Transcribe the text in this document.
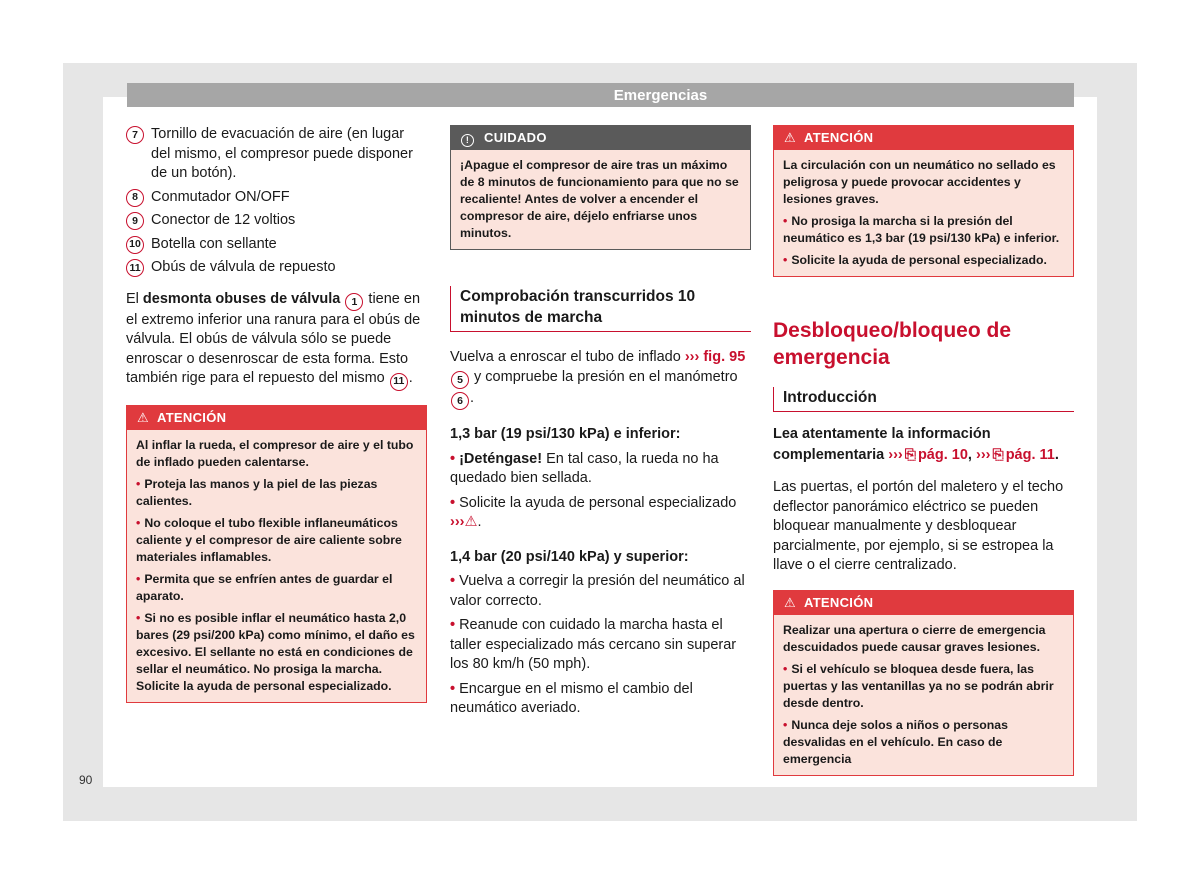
Emergencias
7 Tornillo de evacuación de aire (en lugar del mismo, el compresor puede disponer de un botón).
8 Conmutador ON/OFF
9 Conector de 12 voltios
10 Botella con sellante
11 Obús de válvula de repuesto

El desmonta obuses de válvula 1 tiene en el extremo inferior una ranura para el obús de válvula. El obús de válvula sólo se puede enroscar o desenroscar de esta forma. Esto también rige para el repuesto del mismo 11 .

⚠ ATENCIÓN

Al inflar la rueda, el compresor de aire y el tubo de inflado pueden calentarse.

• Proteja las manos y la piel de las piezas calientes.

• No coloque el tubo flexible inflaneumáticos caliente y el compresor de aire caliente sobre materiales inflamables.

• Permita que se enfríen antes de guardar el aparato.

• Si no es posible inflar el neumático hasta 2,0 bares (29 psi/200 kPa) como mínimo, el daño es excesivo. El sellante no está en condiciones de sellar el neumático. No prosiga la marcha. Solicite la ayuda de personal especializado.

! CUIDADO
¡Apague el compresor de aire tras un máximo de 8 minutos de funcionamiento para que no se recaliente! Antes de volver a encender el compresor de aire, déjelo enfriarse unos minutos.
Comprobación transcurridos 10 minutos de marcha

Vuelva a enroscar el tubo de inflado ››› fig. 95 5 y compruebe la presión en el manómetro 6 .

1,3 bar (19 psi/130 kPa) e inferior:

• ¡Deténgase! En tal caso, la rueda no ha quedado bien sellada.

• Solicite la ayuda de personal especializado ›››⚠.

1,4 bar (20 psi/140 kPa) y superior:

• Vuelva a corregir la presión del neumático al valor correcto.

• Reanude con cuidado la marcha hasta el taller especializado más cercano sin superar los 80 km/h (50 mph).

• Encargue en el mismo el cambio del neumático averiado.

⚠ ATENCIÓN

La circulación con un neumático no sellado es peligrosa y puede provocar accidentes y lesiones graves.

• No prosiga la marcha si la presión del neumático es 1,3 bar (19 psi/130 kPa) e inferior.

• Solicite la ayuda de personal especializado.

Desbloqueo/bloqueo de emergencia
Introducción

Lea atentamente la información complementaria ››› ⎘ pág. 10, ››› ⎘ pág. 11.

Las puertas, el portón del maletero y el techo deflector panorámico eléctrico se pueden bloquear manualmente y desbloquear parcialmente, por ejemplo, si se estropea la llave o el cierre centralizado.

⚠ ATENCIÓN

Realizar una apertura o cierre de emergencia descuidados puede causar graves lesiones.

• Si el vehículo se bloquea desde fuera, las puertas y las ventanillas ya no se podrán abrir desde dentro.

• Nunca deje solos a niños o personas desvalidas en el vehículo. En caso de emergencia

90
